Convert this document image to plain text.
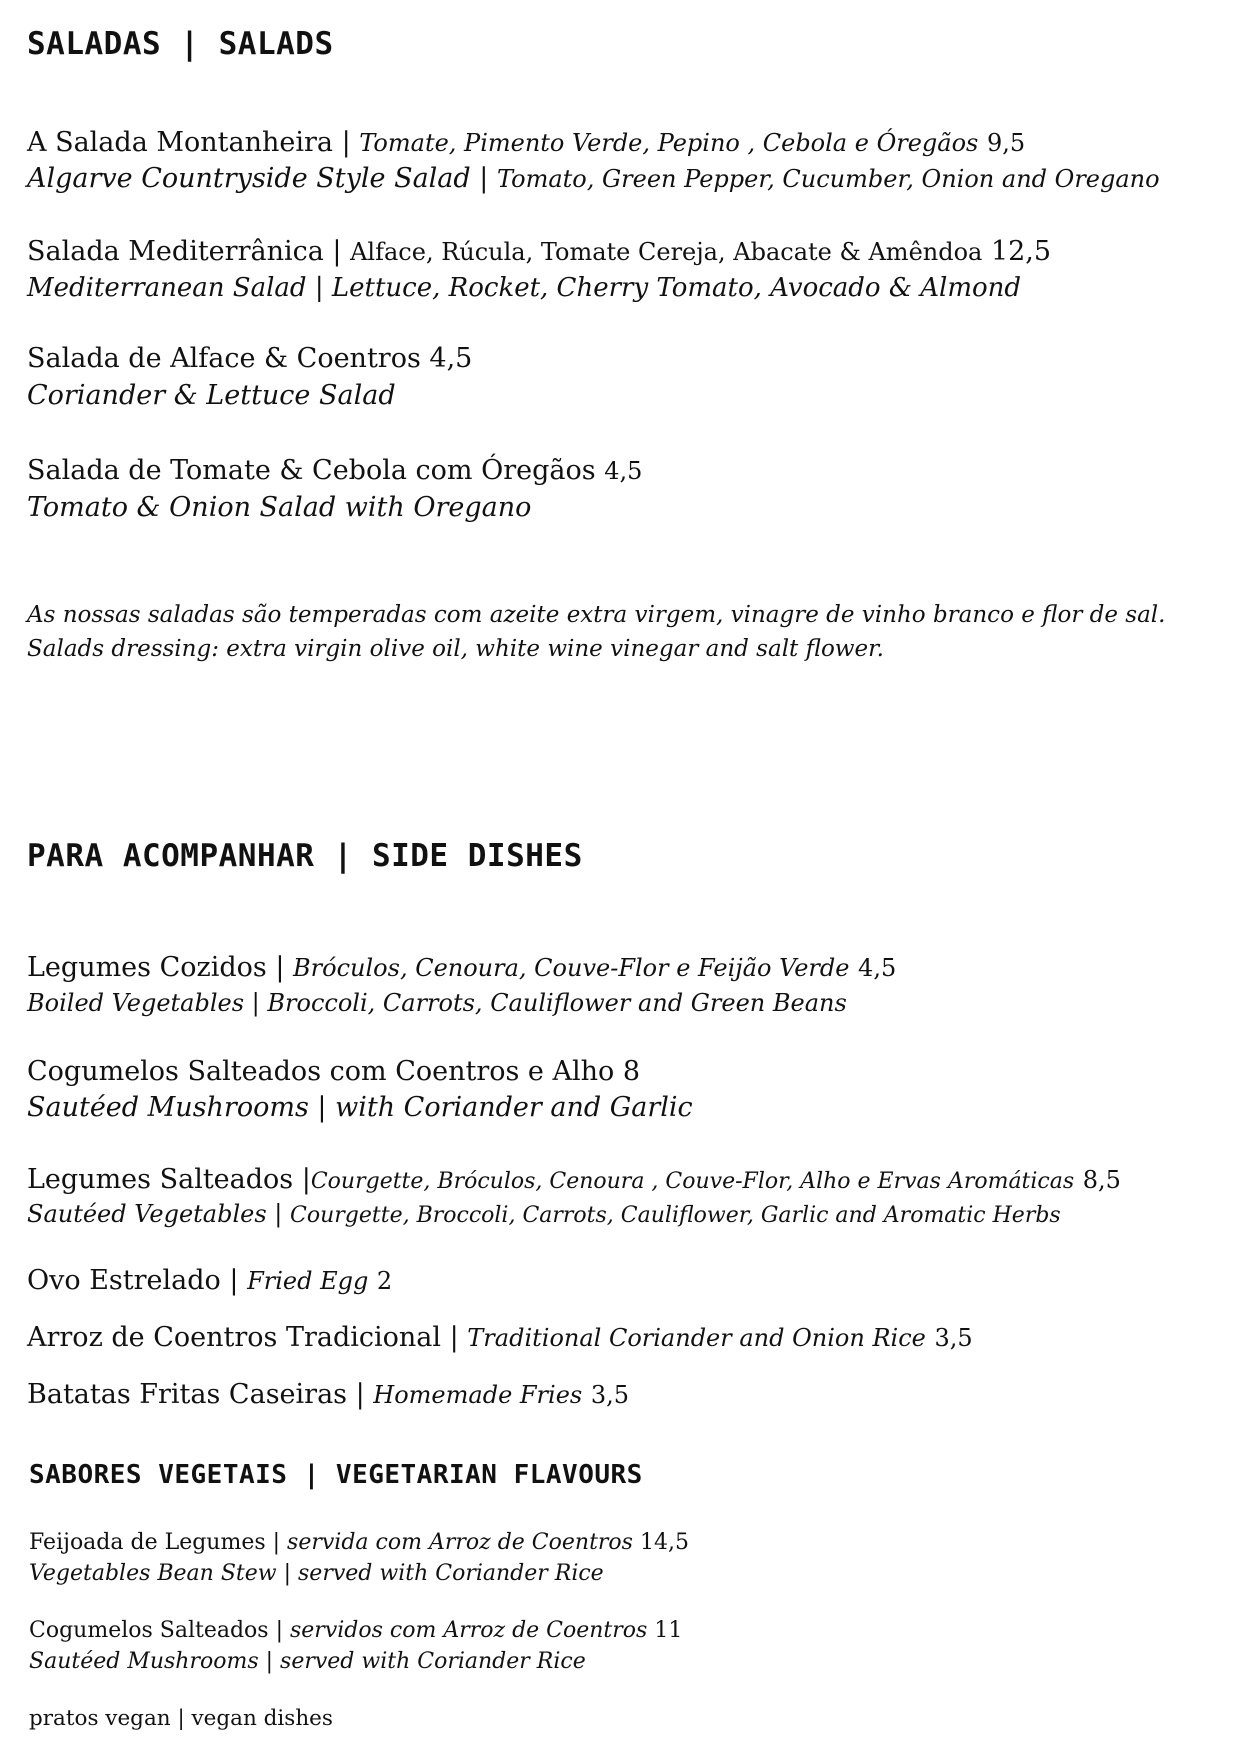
SALADAS | SALADS
A Salada Montanheira | Tomate, Pimento Verde, Pepino , Cebola e Óregãos 9,5
Algarve Countryside Style Salad | Tomato, Green Pepper, Cucumber, Onion and Oregano
Salada Mediterrânica | Alface, Rúcula, Tomate Cereja, Abacate & Amêndoa 12,5
Mediterranean Salad | Lettuce, Rocket, Cherry Tomato, Avocado & Almond
Salada de Alface & Coentros 4,5
Coriander & Lettuce Salad
Salada de Tomate & Cebola com Óregãos 4,5
Tomato & Onion Salad with Oregano
As nossas saladas são temperadas com azeite extra virgem, vinagre de vinho branco e flor de sal.
Salads dressing: extra virgin olive oil, white wine vinegar and salt flower.
PARA ACOMPANHAR | SIDE DISHES
Legumes Cozidos | Bróculos, Cenoura, Couve-Flor e Feijão Verde 4,5
Boiled Vegetables | Broccoli, Carrots, Cauliflower and Green Beans
Cogumelos Salteados com Coentros e Alho 8
Sautéed Mushrooms | with Coriander and Garlic
Legumes Salteados |Courgette, Bróculos, Cenoura , Couve-Flor, Alho e Ervas Aromáticas 8,5
Sautéed Vegetables | Courgette, Broccoli, Carrots, Cauliflower, Garlic and Aromatic Herbs
Ovo Estrelado | Fried Egg 2
Arroz de Coentros Tradicional | Traditional Coriander and Onion Rice 3,5
Batatas Fritas Caseiras | Homemade Fries 3,5
SABORES VEGETAIS | VEGETARIAN FLAVOURS
Feijoada de Legumes | servida com Arroz de Coentros 14,5
Vegetables Bean Stew | served with Coriander Rice
Cogumelos Salteados | servidos com Arroz de Coentros 11
Sautéed Mushrooms | served with Coriander Rice
pratos vegan | vegan dishes
